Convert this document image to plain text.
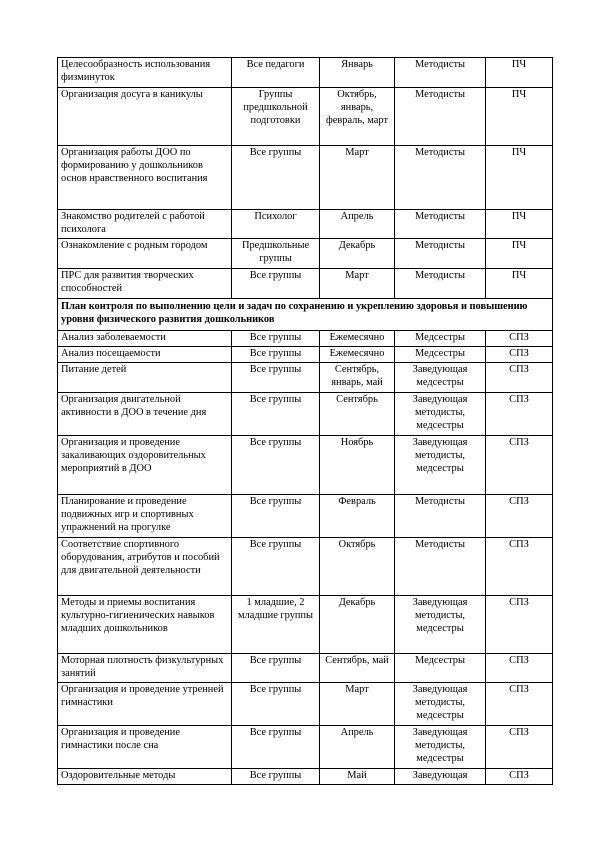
Целесообразность использования физминуток	Все педагоги	Январь	Методисты	ПЧ
Организация досуга в каникулы	Группы предшкольной подготовки	Октябрь, январь, февраль, март	Методисты	ПЧ
Организация работы ДОО по формированию у дошкольников основ нравственного воспитания	Все группы	Март	Методисты	ПЧ
Знакомство родителей с работой психолога	Психолог	Апрель	Методисты	ПЧ
Ознакомление с родным городом	Предшкольные группы	Декабрь	Методисты	ПЧ
ПРС для развития творческих способностей	Все группы	Март	Методисты	ПЧ
План контроля по выполнению цели и задач по сохранению и укреплению здоровья и повышению уровня физического развития дошкольников				
Анализ заболеваемости	Все группы	Ежемесячно	Медсестры	СПЗ
Анализ посещаемости	Все группы	Ежемесячно	Медсестры	СПЗ
Питание детей	Все группы	Сентябрь, январь, май	Заведующая медсестры	СПЗ
Организация двигательной активности в ДОО в течение дня	Все группы	Сентябрь	Заведующая методисты, медсестры	СПЗ
Организация и проведение закаливающих оздоровительных мероприятий в ДОО	Все группы	Ноябрь	Заведующая методисты, медсестры	СПЗ
Планирование и проведение подвижных игр и спортивных упражнений на прогулке	Все группы	Февраль	Методисты	СПЗ
Соответствие спортивного оборудования, атрибутов и пособий для двигательной деятельности	Все группы	Октябрь	Методисты	СПЗ
Методы и приемы воспитания культурно-гигиенических навыков младших дошкольников	1 младшие, 2 младшие группы	Декабрь	Заведующая методисты, медсестры	СПЗ
Моторная плотность физкультурных занятий	Все группы	Сентябрь, май	Медсестры	СПЗ
Организация и проведение утренней гимнастики	Все группы	Март	Заведующая методисты, медсестры	СПЗ
Организация и проведение гимнастики после сна	Все группы	Апрель	Заведующая методисты, медсестры	СПЗ
Оздоровительные методы	Все группы	Май	Заведующая	СПЗ
